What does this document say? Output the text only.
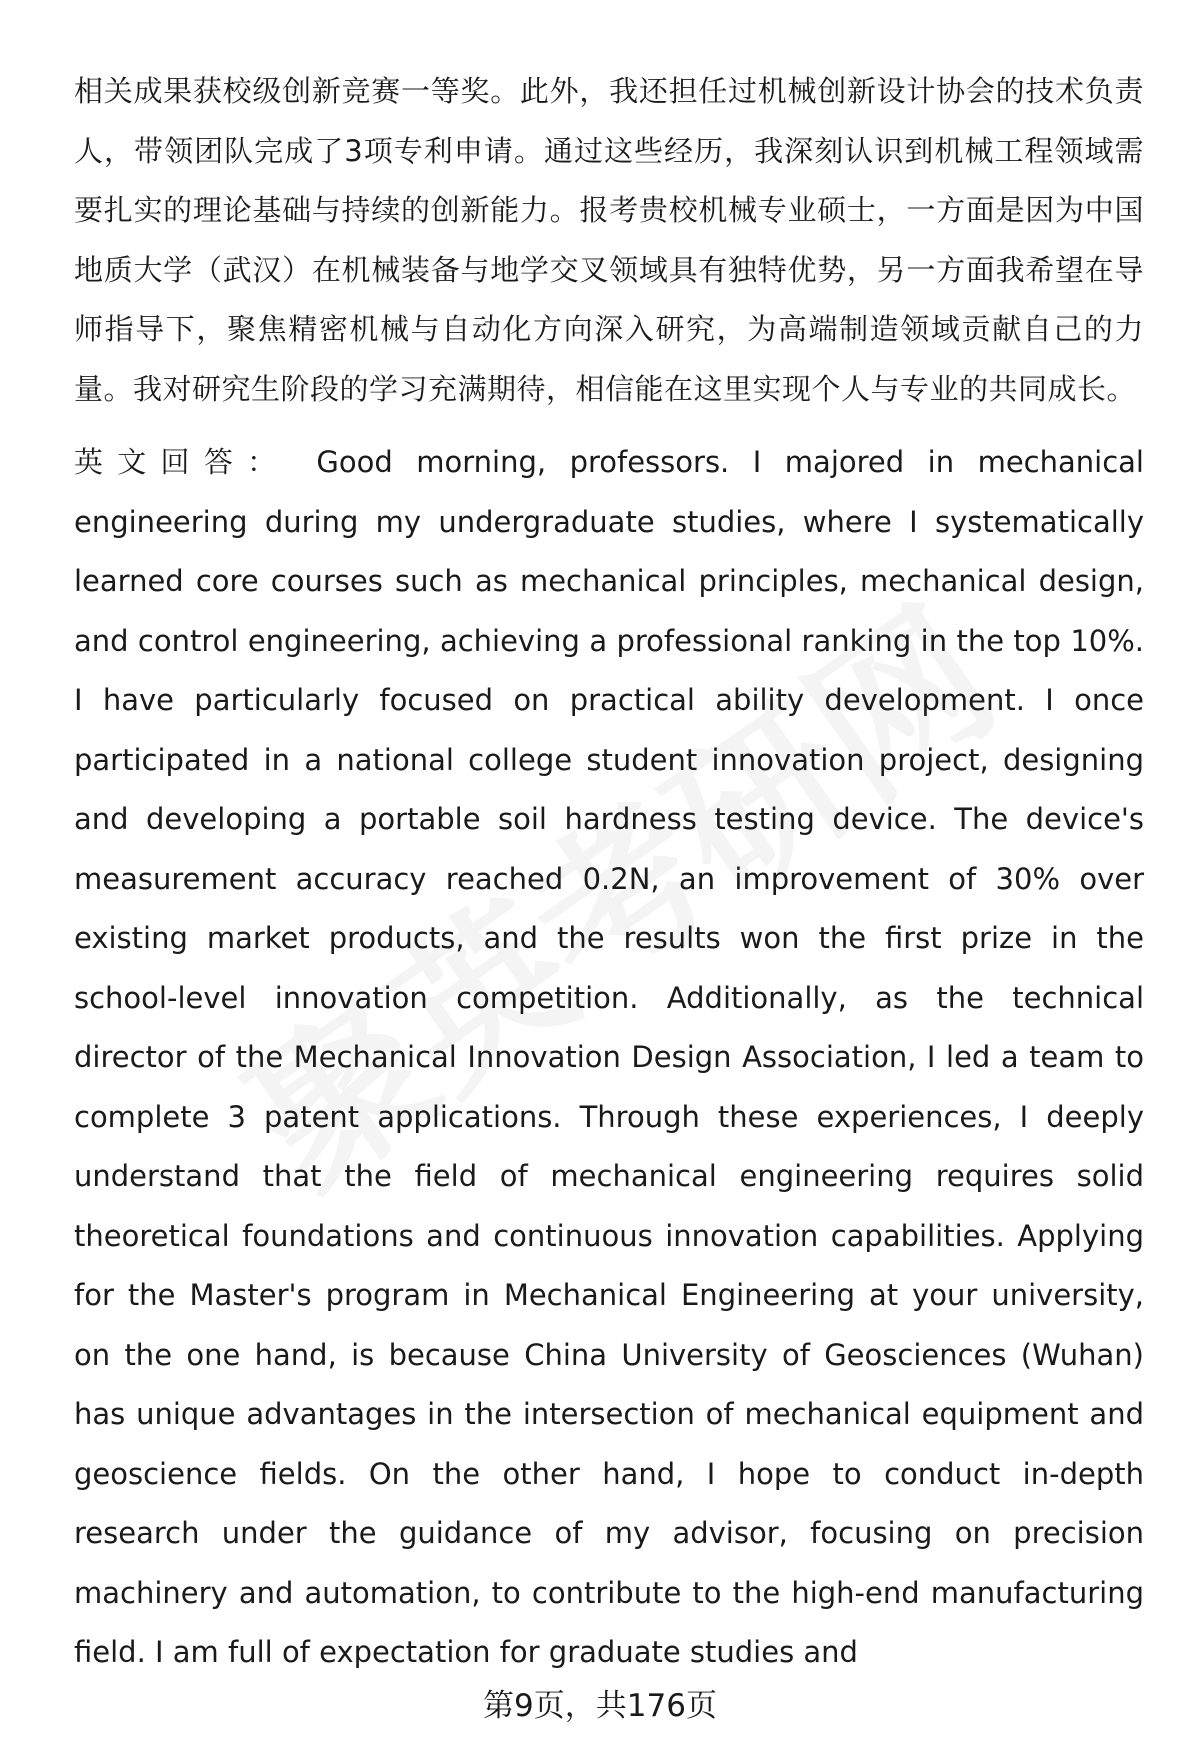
相关成果获校级创新竞赛一等奖。此外，我还担任过机械创新设计协会的技术负责人，带领团队完成了3项专利申请。通过这些经历，我深刻认识到机械工程领域需要扎实的理论基础与持续的创新能力。报考贵校机械专业硕士，一方面是因为中国地质大学（武汉）在机械装备与地学交叉领域具有独特优势，另一方面我希望在导师指导下，聚焦精密机械与自动化方向深入研究，为高端制造领域贡献自己的力量。我对研究生阶段的学习充满期待，相信能在这里实现个人与专业的共同成长。

英文回答： Good morning, professors. I majored in mechanical engineering during my undergraduate studies, where I systematically learned core courses such as mechanical principles, mechanical design, and control engineering, achieving a professional ranking in the top 10%. I have particularly focused on practical ability development. I once participated in a national college student innovation project, designing and developing a portable soil hardness testing device. The device's measurement accuracy reached 0.2N, an improvement of 30% over existing market products, and the results won the first prize in the school-level innovation competition. Additionally, as the technical director of the Mechanical Innovation Design Association, I led a team to complete 3 patent applications. Through these experiences, I deeply understand that the field of mechanical engineering requires solid theoretical foundations and continuous innovation capabilities. Applying for the Master's program in Mechanical Engineering at your university, on the one hand, is because China University of Geosciences (Wuhan) has unique advantages in the intersection of mechanical equipment and geoscience fields. On the other hand, I hope to conduct in-depth research under the guidance of my advisor, focusing on precision machinery and automation, to contribute to the high-end manufacturing field. I am full of expectation for graduate studies and

第9页，共176页
